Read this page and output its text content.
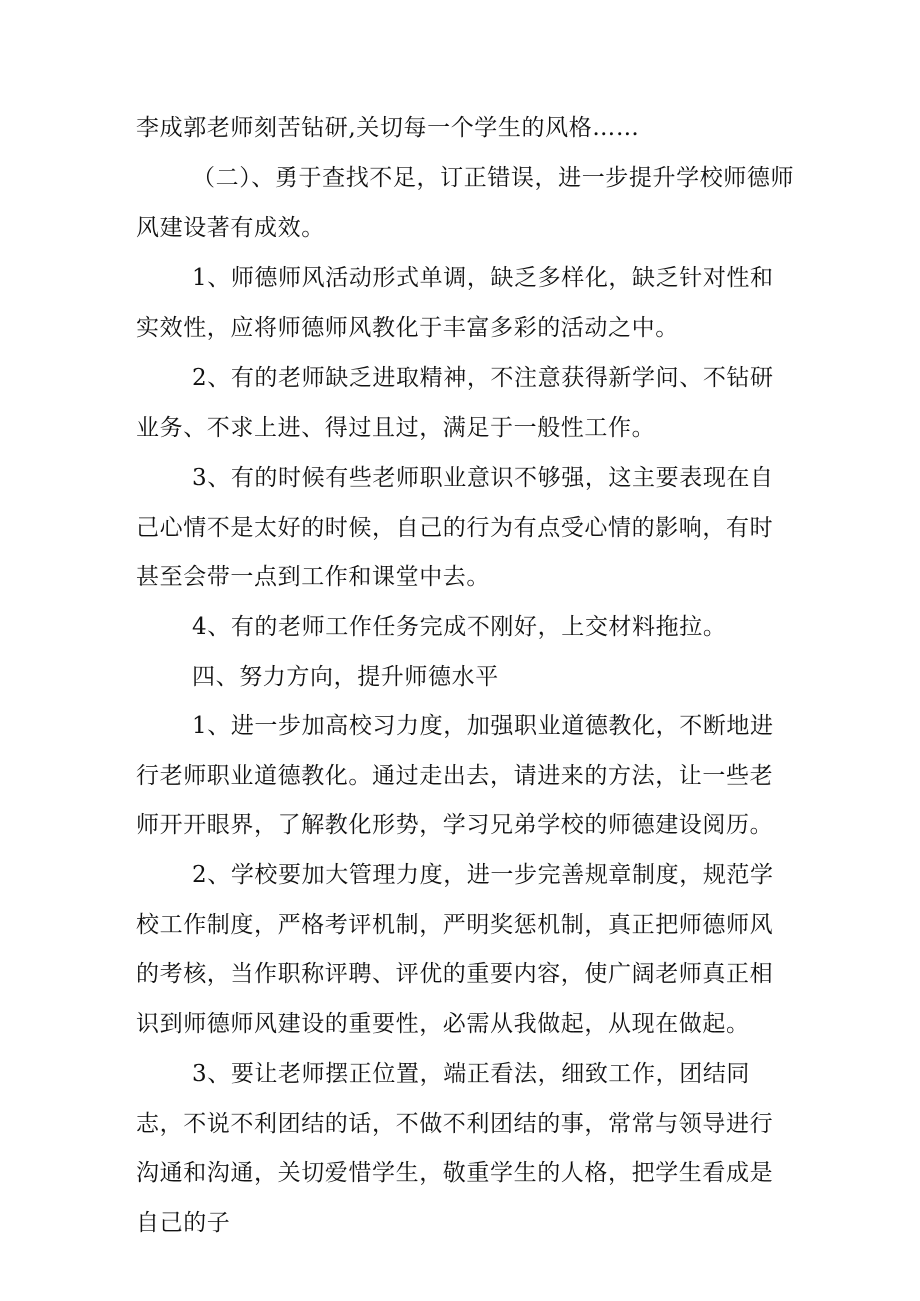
李成郭老师刻苦钻研,关切每一个学生的风格……

（二）、勇于查找不足，订正错误，进一步提升学校师德师风建设著有成效。

1、师德师风活动形式单调，缺乏多样化，缺乏针对性和实效性，应将师德师风教化于丰富多彩的活动之中。

2、有的老师缺乏进取精神，不注意获得新学问、不钻研业务、不求上进、得过且过，满足于一般性工作。

3、有的时候有些老师职业意识不够强，这主要表现在自己心情不是太好的时候，自己的行为有点受心情的影响，有时甚至会带一点到工作和课堂中去。

4、有的老师工作任务完成不刚好，上交材料拖拉。

四、努力方向，提升师德水平

1、进一步加高校习力度，加强职业道德教化，不断地进行老师职业道德教化。通过走出去，请进来的方法，让一些老师开开眼界，了解教化形势，学习兄弟学校的师德建设阅历。

2、学校要加大管理力度，进一步完善规章制度，规范学校工作制度，严格考评机制，严明奖惩机制，真正把师德师风的考核，当作职称评聘、评优的重要内容，使广阔老师真正相识到师德师风建设的重要性，必需从我做起，从现在做起。

3、要让老师摆正位置，端正看法，细致工作，团结同志，不说不利团结的话，不做不利团结的事，常常与领导进行沟通和沟通，关切爱惜学生，敬重学生的人格，把学生看成是自己的子
